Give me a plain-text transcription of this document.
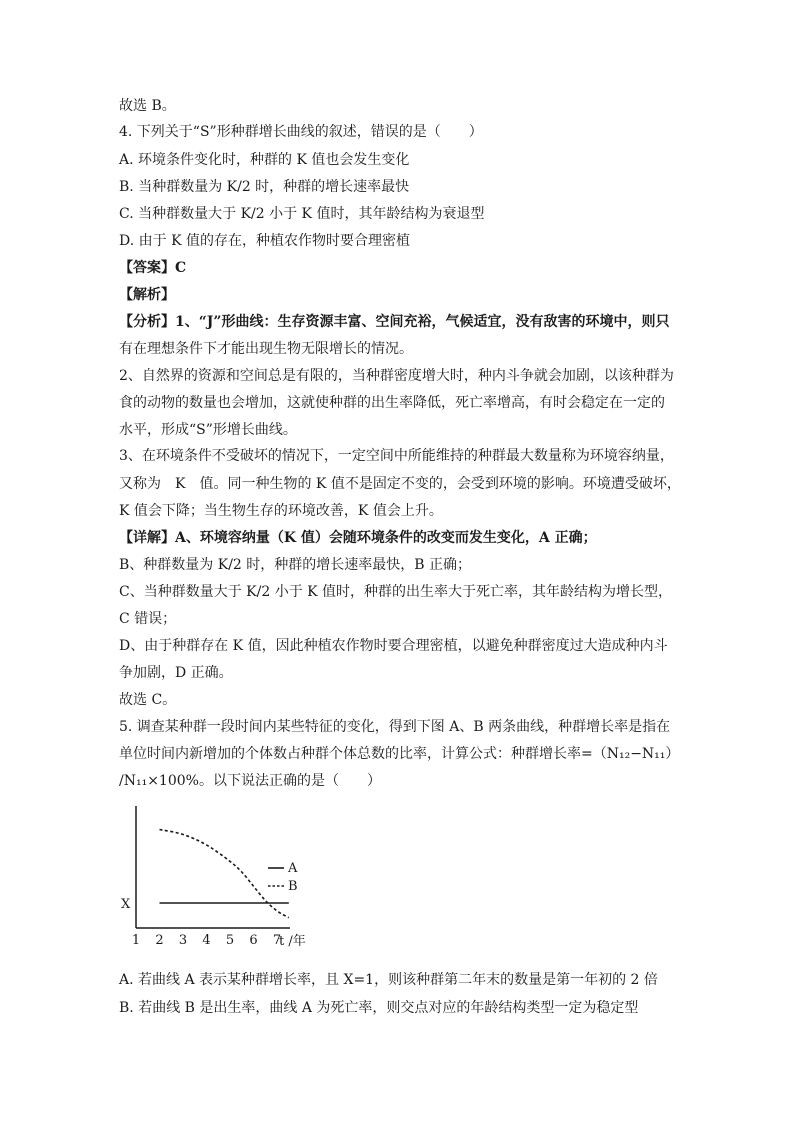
故选 B。
4. 下列关于“S”形种群增长曲线的叙述，错误的是（　　）
A. 环境条件变化时，种群的 K 值也会发生变化
B. 当种群数量为 K/2 时，种群的增长速率最快
C. 当种群数量大于 K/2 小于 K 值时，其年龄结构为衰退型
D. 由于 K 值的存在，种植农作物时要合理密植
【答案】C
【解析】
【分析】1、“J”形曲线：生存资源丰富、空间充裕，气候适宜，没有敌害的环境中，则只
有在理想条件下才能出现生物无限增长的情况。
2、自然界的资源和空间总是有限的，当种群密度增大时，种内斗争就会加剧，以该种群为
食的动物的数量也会增加，这就使种群的出生率降低，死亡率增高，有时会稳定在一定的
水平，形成“S”形增长曲线。
3、在环境条件不受破坏的情况下，一定空间中所能维持的种群最大数量称为环境容纳量，
又称为　K　值。同一种生物的 K 值不是固定不变的，会受到环境的影响。环境遭受破坏，
K 值会下降；当生物生存的环境改善，K 值会上升。
【详解】A、环境容纳量（K 值）会随环境条件的改变而发生变化，A 正确；
B、种群数量为 K/2 时，种群的增长速率最快，B 正确；
C、当种群数量大于 K/2 小于 K 值时，种群的出生率大于死亡率，其年龄结构为增长型，
C 错误；
D、由于种群存在 K 值，因此种植农作物时要合理密植，以避免种群密度过大造成种内斗
争加剧，D 正确。
故选 C。
5. 调查某种群一段时间内某些特征的变化，得到下图 A、B 两条曲线，种群增长率是指在
单位时间内新增加的个体数占种群个体总数的比率，计算公式：种群增长率=（N₁₂−N₁₁）
/N₁₁×100%。以下说法正确的是（　　）
1 2 3 4 5 6 7
t /年
X
A
B
A. 若曲线 A 表示某种群增长率，且 X=1，则该种群第二年末的数量是第一年初的 2 倍
B. 若曲线 B 是出生率，曲线 A 为死亡率，则交点对应的年龄结构类型一定为稳定型
